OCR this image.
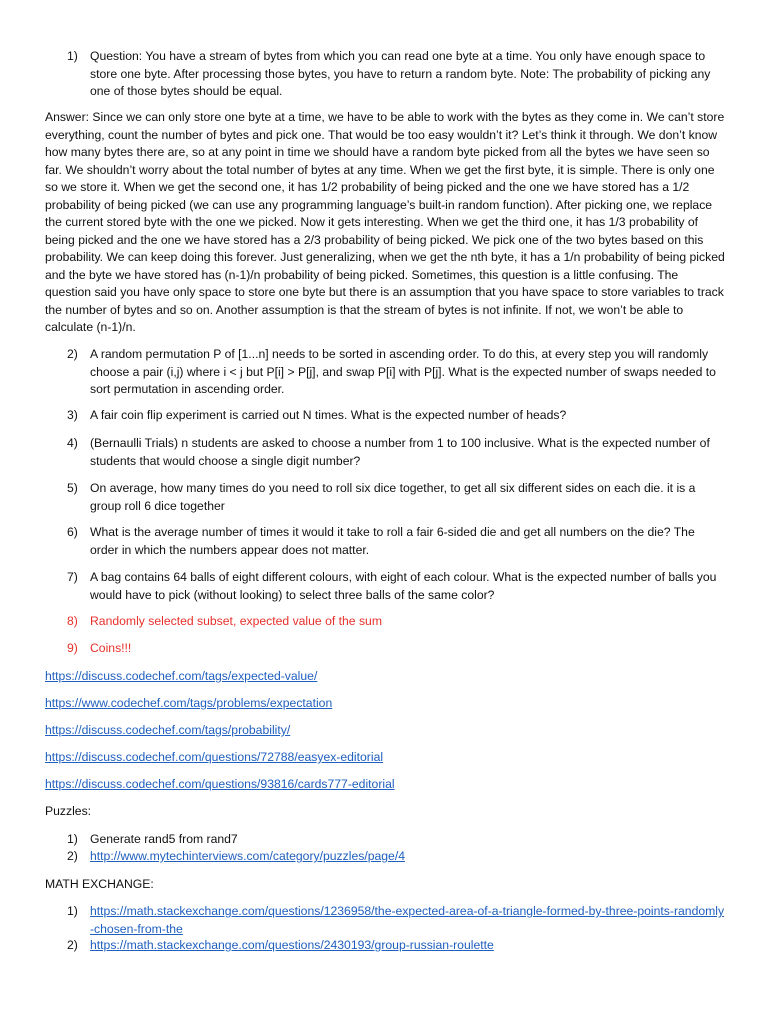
1) Question: You have a stream of bytes from which you can read one byte at a time. You only have enough space to store one byte. After processing those bytes, you have to return a random byte. Note: The probability of picking any one of those bytes should be equal.

Answer: Since we can only store one byte at a time, we have to be able to work with the bytes as they come in. We can’t store everything, count the number of bytes and pick one. That would be too easy wouldn’t it? Let’s think it through. We don’t know how many bytes there are, so at any point in time we should have a random byte picked from all the bytes we have seen so far. We shouldn’t worry about the total number of bytes at any time. When we get the first byte, it is simple. There is only one so we store it. When we get the second one, it has 1/2 probability of being picked and the one we have stored has a 1/2 probability of being picked (we can use any programming language’s built-in random function). After picking one, we replace the current stored byte with the one we picked. Now it gets interesting. When we get the third one, it has 1/3 probability of being picked and the one we have stored has a 2/3 probability of being picked. We pick one of the two bytes based on this probability. We can keep doing this forever. Just generalizing, when we get the nth byte, it has a 1/n probability of being picked and the byte we have stored has (n-1)/n probability of being picked. Sometimes, this question is a little confusing. The question said you have only space to store one byte but there is an assumption that you have space to store variables to track the number of bytes and so on. Another assumption is that the stream of bytes is not infinite. If not, we won’t be able to calculate (n-1)/n.

2) A random permutation P of [1...n] needs to be sorted in ascending order. To do this, at every step you will randomly choose a pair (i,j) where i < j but P[i] > P[j], and swap P[i] with P[j]. What is the expected number of swaps needed to sort permutation in ascending order.
3) A fair coin flip experiment is carried out N times. What is the expected number of heads?
4) (Bernaulli Trials) n students are asked to choose a number from 1 to 100 inclusive. What is the expected number of students that would choose a single digit number?
5) On average, how many times do you need to roll six dice together, to get all six different sides on each die. it is a group roll 6 dice together
6) What is the average number of times it would it take to roll a fair 6-sided die and get all numbers on the die? The order in which the numbers appear does not matter.
7) A bag contains 64 balls of eight different colours, with eight of each colour. What is the expected number of balls you would have to pick (without looking) to select three balls of the same color?
8) Randomly selected subset, expected value of the sum
9) Coins!!!
https://discuss.codechef.com/tags/expected-value/
https://www.codechef.com/tags/problems/expectation
https://discuss.codechef.com/tags/probability/
https://discuss.codechef.com/questions/72788/easyex-editorial
https://discuss.codechef.com/questions/93816/cards777-editorial
Puzzles:
1) Generate rand5 from rand7
2) http://www.mytechinterviews.com/category/puzzles/page/4
MATH EXCHANGE:
1) https://math.stackexchange.com/questions/1236958/the-expected-area-of-a-triangle-formed-by-three-points-randomly-chosen-from-the
2) https://math.stackexchange.com/questions/2430193/group-russian-roulette
